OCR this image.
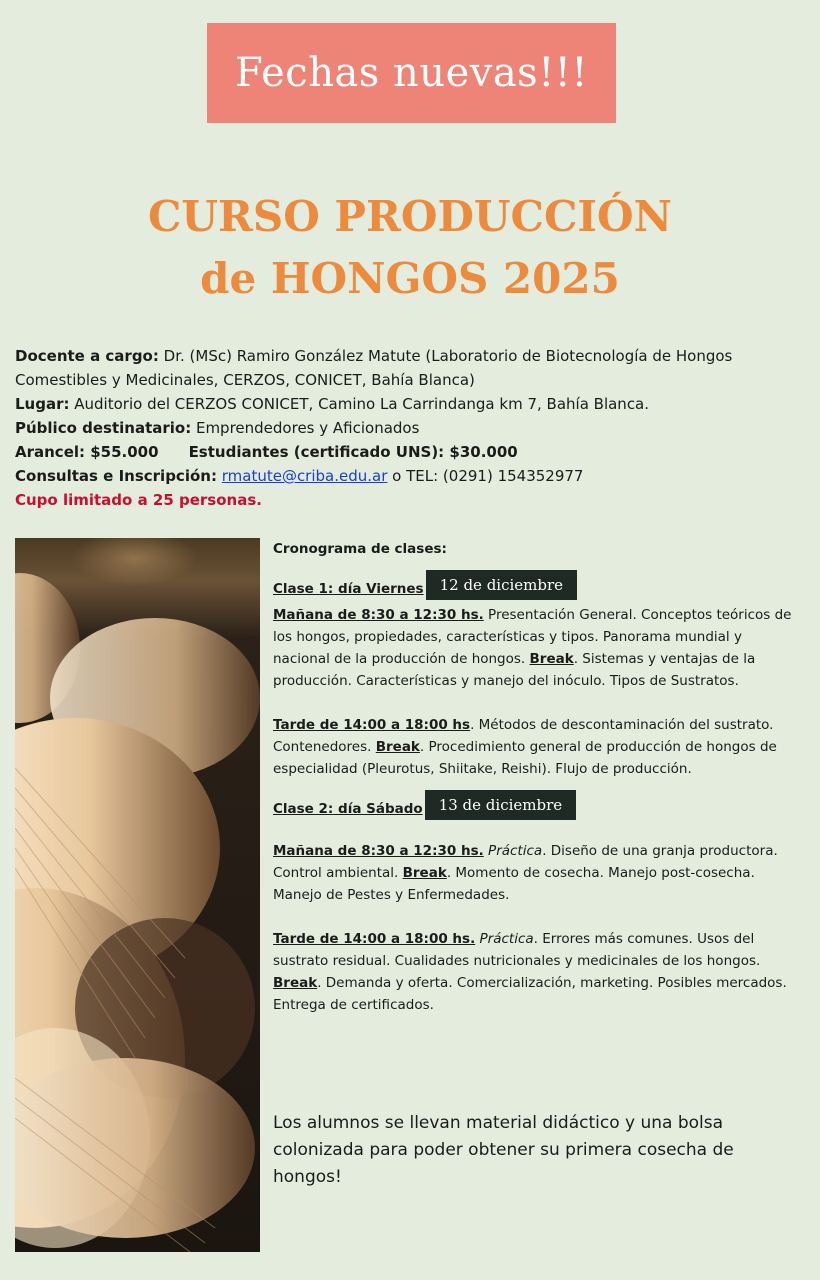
Fechas nuevas!!!
CURSO PRODUCCIÓN
de HONGOS 2025

Docente a cargo: Dr. (MSc) Ramiro González Matute (Laboratorio de Biotecnología de Hongos Comestibles y Medicinales, CERZOS, CONICET, Bahía Blanca)

Lugar: Auditorio del CERZOS CONICET, Camino La Carrindanga km 7, Bahía Blanca.

Público destinatario: Emprendedores y Aficionados

Arancel: $55.000 Estudiantes (certificado UNS): $30.000

Consultas e Inscripción: rmatute@criba.edu.ar o TEL: (0291) 154352977

Cupo limitado a 25 personas.

Cronograma de clases:

Clase 1: día Viernes 12 de diciembre

Mañana de 8:30 a 12:30 hs. Presentación General. Conceptos teóricos de los hongos, propiedades, características y tipos. Panorama mundial y nacional de la producción de hongos. Break. Sistemas y ventajas de la producción. Características y manejo del inóculo. Tipos de Sustratos.

Tarde de 14:00 a 18:00 hs. Métodos de descontaminación del sustrato. Contenedores. Break. Procedimiento general de producción de hongos de especialidad (Pleurotus, Shiitake, Reishi). Flujo de producción.

Clase 2: día Sábado 13 de diciembre

Mañana de 8:30 a 12:30 hs. Práctica. Diseño de una granja productora. Control ambiental. Break. Momento de cosecha. Manejo post-cosecha. Manejo de Pestes y Enfermedades.

Tarde de 14:00 a 18:00 hs. Práctica. Errores más comunes. Usos del sustrato residual. Cualidades nutricionales y medicinales de los hongos. Break. Demanda y oferta. Comercialización, marketing. Posibles mercados. Entrega de certificados.

Los alumnos se llevan material didáctico y una bolsa colonizada para poder obtener su primera cosecha de hongos!
